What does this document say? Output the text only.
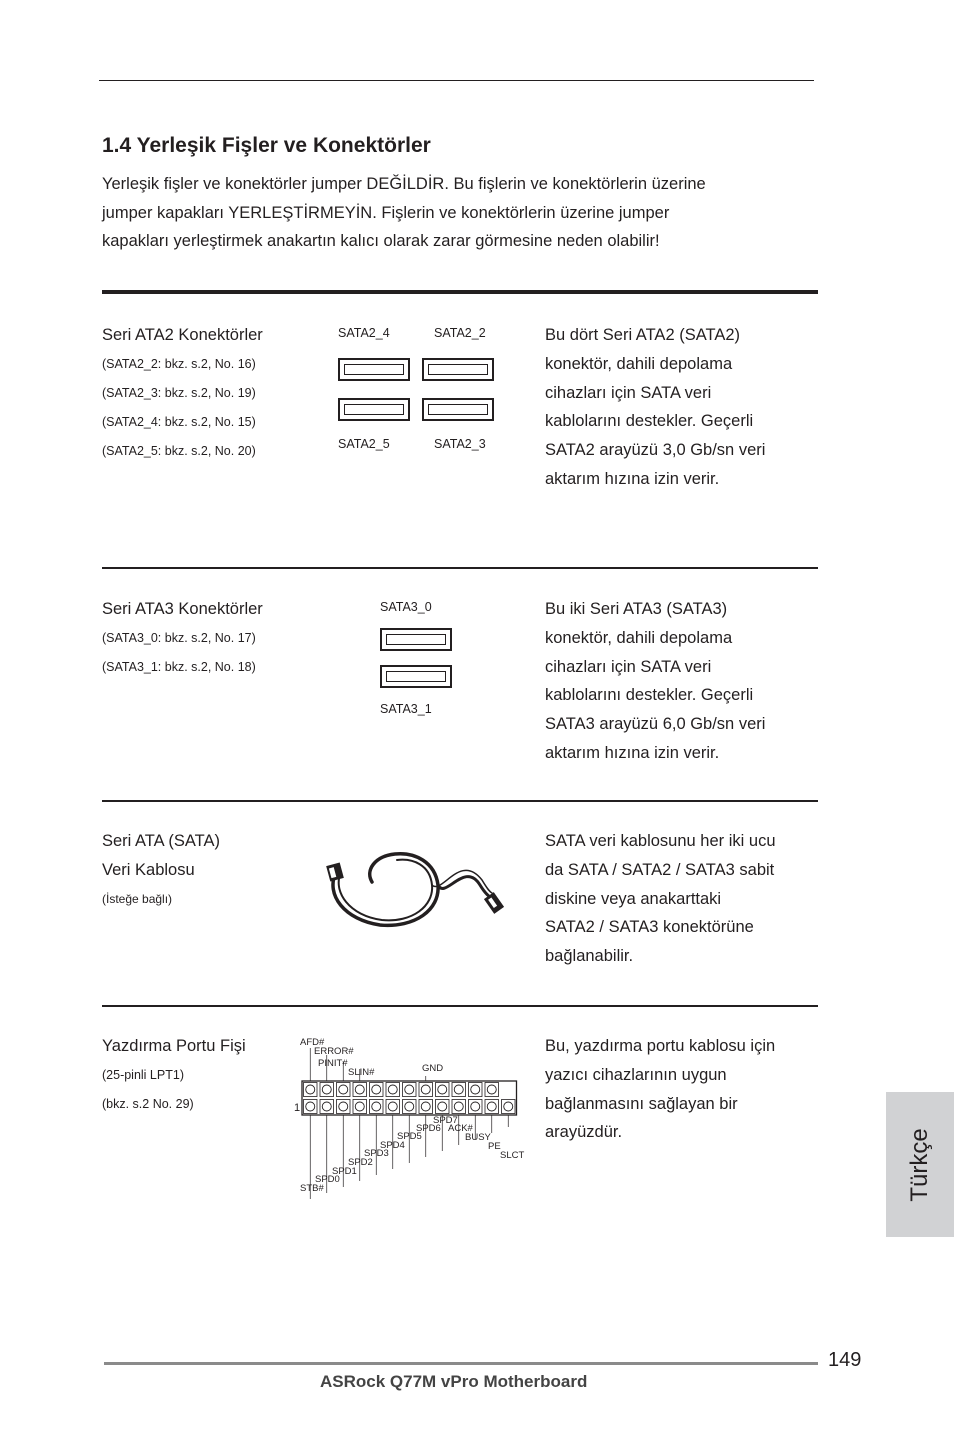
1.4 Yerleşik Fişler ve Konektörler
Yerleşik fişler ve konektörler jumper DEĞİLDİR. Bu fişlerin ve konektörlerin üzerine
jumper kapakları YERLEŞTİRMEYİN. Fişlerin ve konektörlerin üzerine jumper
kapakları yerleştirmek anakartın kalıcı olarak zarar görmesine neden olabilir!
Seri ATA2 Konektörler
(SATA2_2: bkz. s.2, No. 16)
(SATA2_3: bkz. s.2, No. 19)
(SATA2_4: bkz. s.2, No. 15)
(SATA2_5: bkz. s.2, No. 20)
SATA2_4	SATA2_2
SATA2_5	SATA2_3
Bu dört Seri ATA2 (SATA2)
konektör, dahili depolama
cihazları için SATA veri
kablolarını destekler. Geçerli
SATA2 arayüzü 3,0 Gb/sn veri
aktarım hızına izin verir.
Seri ATA3 Konektörler
(SATA3_0: bkz. s.2, No. 17)
(SATA3_1: bkz. s.2, No. 18)
SATA3_0
SATA3_1
Bu iki Seri ATA3 (SATA3)
konektör, dahili depolama
cihazları için SATA veri
kablolarını destekler. Geçerli
SATA3 arayüzü 6,0 Gb/sn veri
aktarım hızına izin verir.
Seri ATA (SATA)
Veri Kablosu
(İsteğe bağlı)
SATA veri kablosunu her iki ucu
da SATA / SATA2 / SATA3 sabit
diskine veya anakarttaki
SATA2 / SATA3 konektörüne
bağlanabilir.
Yazdırma Portu Fişi
(25-pinli LPT1)
(bkz. s.2 No. 29)
AFD#
ERROR#
PINIT#
SLIN#	GND
1
SPD7
SPD6 ACK#
SPD5	BUSY
SPD4	PE
SPD3	SLCT
SPD2
SPD1
SPD0
STB#
Bu, yazdırma portu kablosu için
yazıcı cihazlarının uygun
bağlanmasını sağlayan bir
arayüzdür.	Türkçe
149
ASRock Q77M vPro Motherboard
